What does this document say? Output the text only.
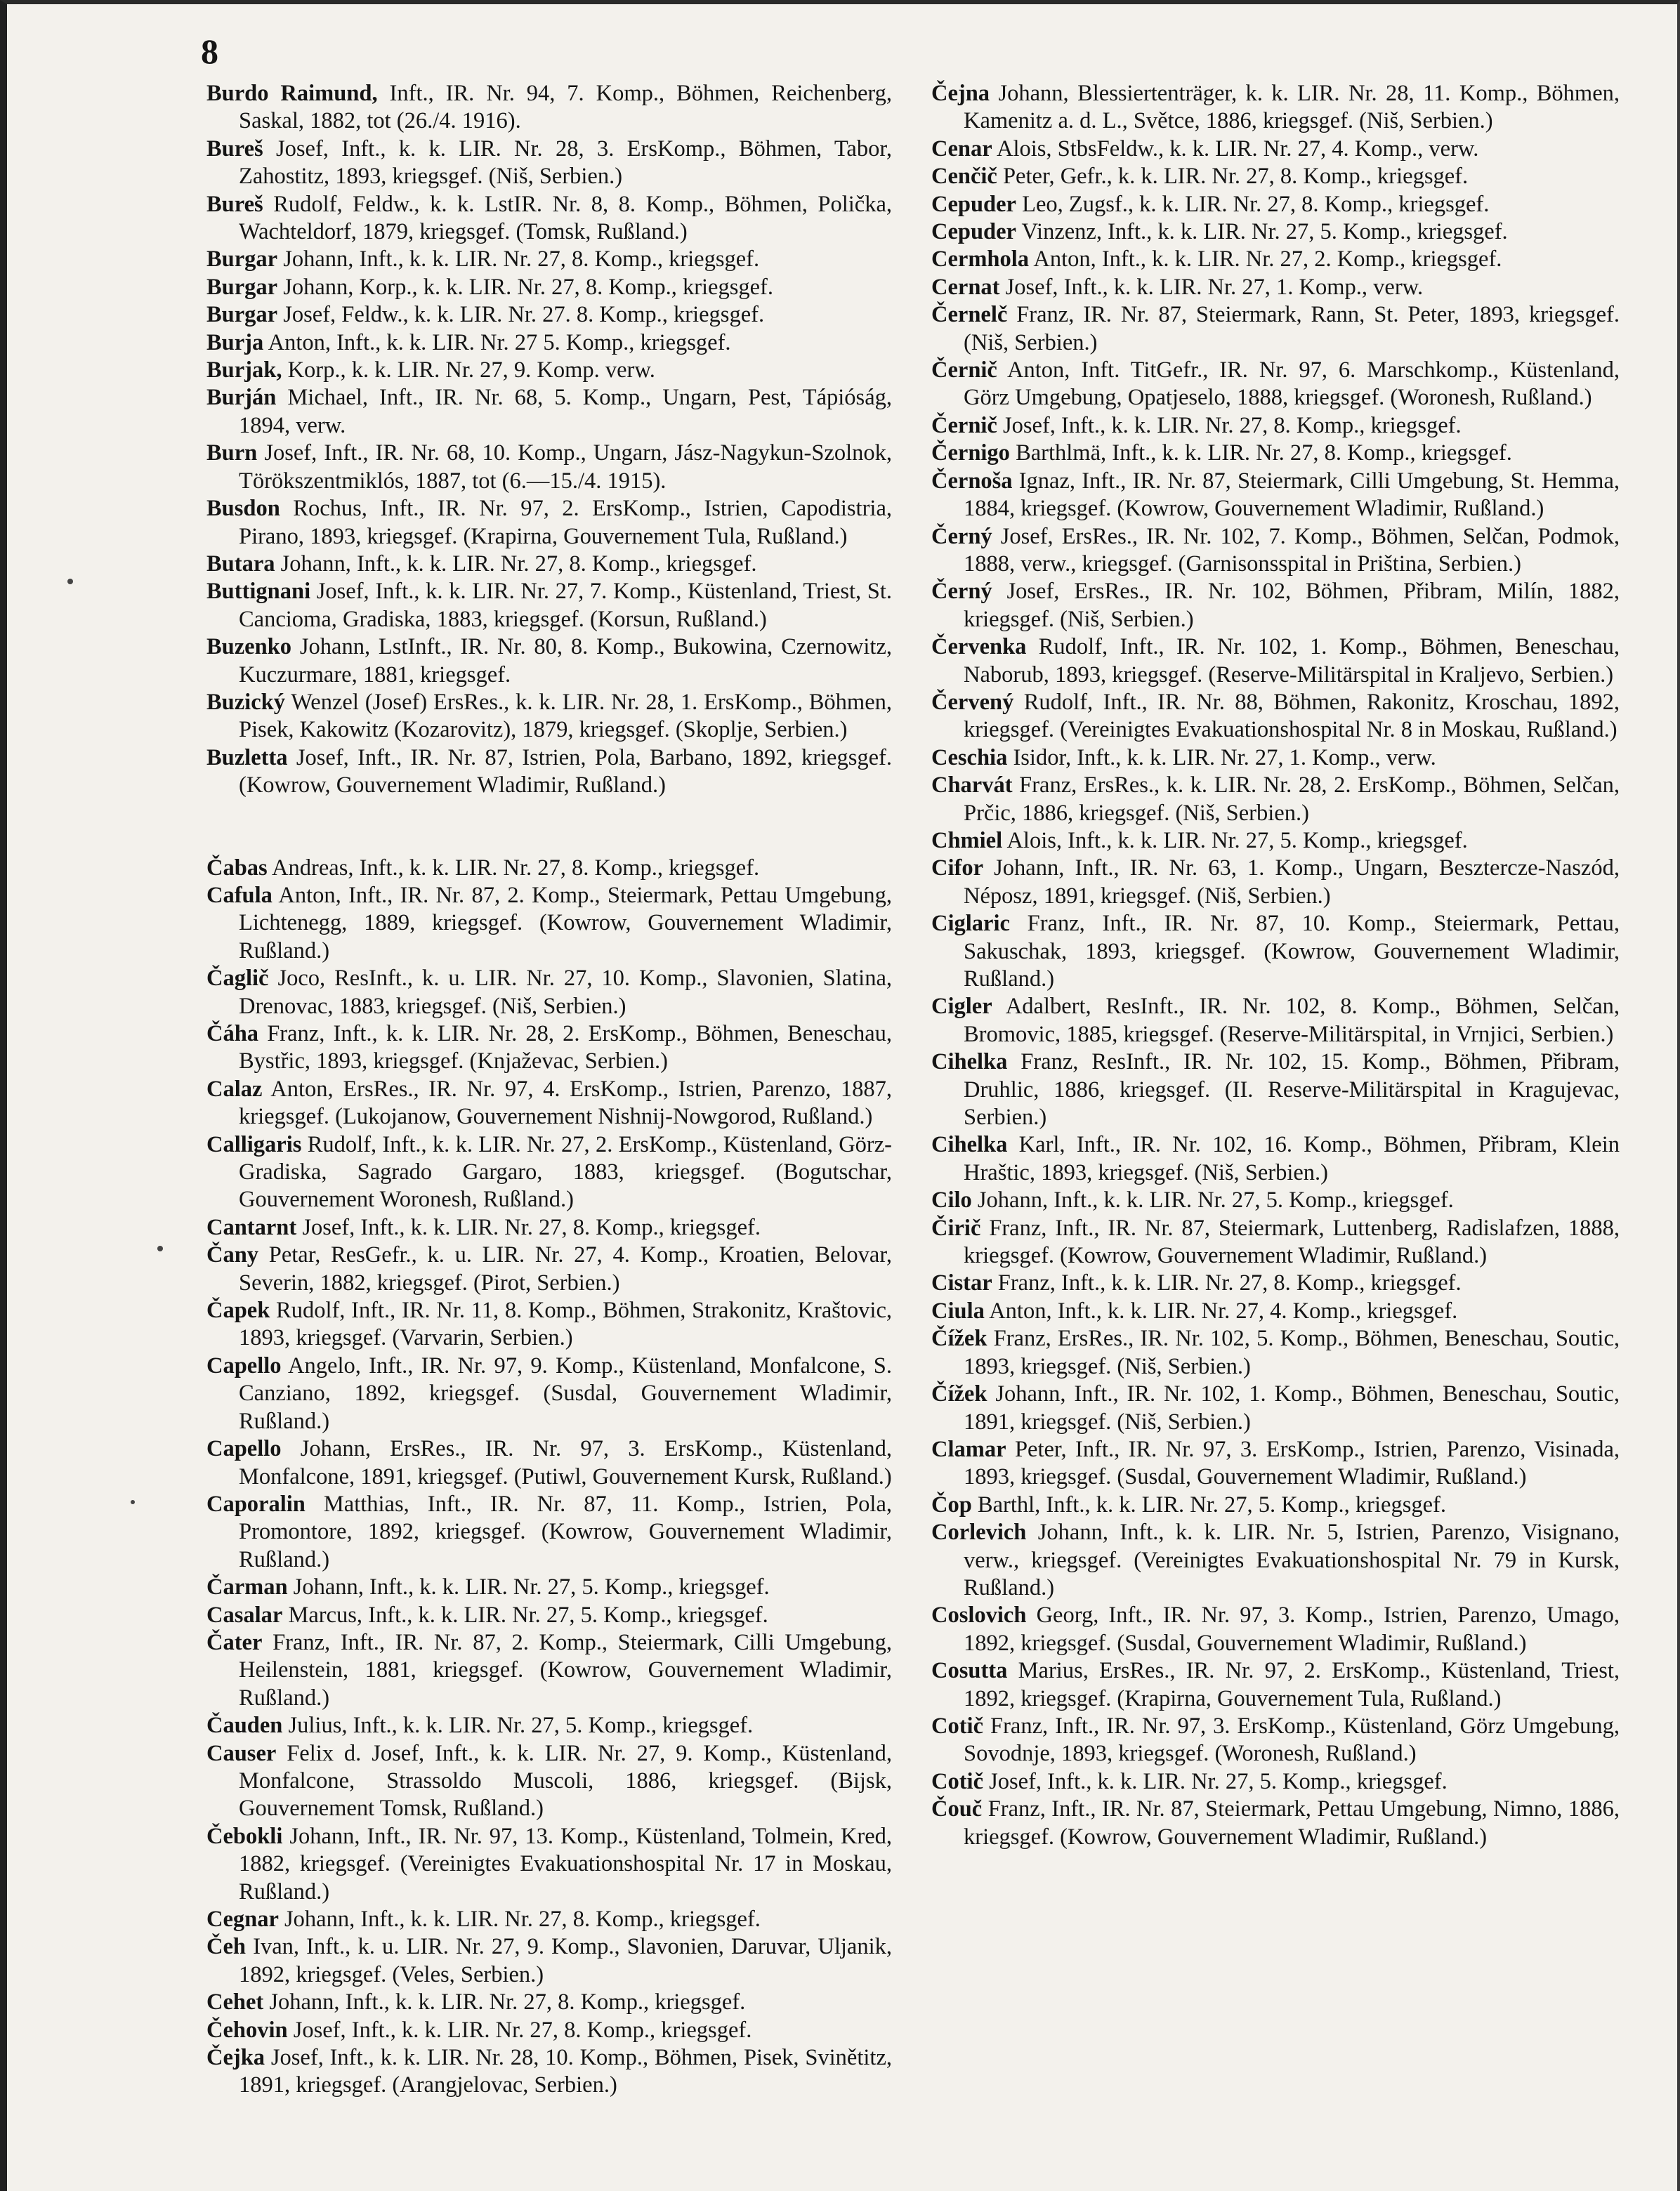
8

Burdo Raimund, Inft., IR. Nr. 94, 7. Komp., Böhmen, Reichenberg, Saskal, 1882, tot (26./4. 1916).

Bureš Josef, Inft., k. k. LIR. Nr. 28, 3. ErsKomp., Böhmen, Tabor, Zahostitz, 1893, kriegsgef. (Niš, Serbien.)

Bureš Rudolf, Feldw., k. k. LstIR. Nr. 8, 8. Komp., Böhmen, Polička, Wachteldorf, 1879, kriegsgef. (Tomsk, Rußland.)

Burgar Johann, Inft., k. k. LIR. Nr. 27, 8. Komp., kriegsgef.

Burgar Johann, Korp., k. k. LIR. Nr. 27, 8. Komp., kriegsgef.

Burgar Josef, Feldw., k. k. LIR. Nr. 27. 8. Komp., kriegsgef.

Burja Anton, Inft., k. k. LIR. Nr. 27 5. Komp., kriegsgef.

Burjak, Korp., k. k. LIR. Nr. 27, 9. Komp. verw.

Burján Michael, Inft., IR. Nr. 68, 5. Komp., Ungarn, Pest, Tápióság, 1894, verw.

Burn Josef, Inft., IR. Nr. 68, 10. Komp., Ungarn, Jász-Nagykun-Szolnok, Törökszentmiklós, 1887, tot (6.—15./4. 1915).

Busdon Rochus, Inft., IR. Nr. 97, 2. ErsKomp., Istrien, Capodistria, Pirano, 1893, kriegsgef. (Krapirna, Gouvernement Tula, Rußland.)

Butara Johann, Inft., k. k. LIR. Nr. 27, 8. Komp., kriegsgef.

Buttignani Josef, Inft., k. k. LIR. Nr. 27, 7. Komp., Küstenland, Triest, St. Cancioma, Gradiska, 1883, kriegsgef. (Korsun, Rußland.)

Buzenko Johann, LstInft., IR. Nr. 80, 8. Komp., Bukowina, Czernowitz, Kuczurmare, 1881, kriegsgef.

Buzický Wenzel (Josef) ErsRes., k. k. LIR. Nr. 28, 1. ErsKomp., Böhmen, Pisek, Kakowitz (Kozarovitz), 1879, kriegsgef. (Skoplje, Serbien.)

Buzletta Josef, Inft., IR. Nr. 87, Istrien, Pola, Barbano, 1892, kriegsgef. (Kowrow, Gouvernement Wladimir, Rußland.)

Čabas Andreas, Inft., k. k. LIR. Nr. 27, 8. Komp., kriegsgef.

Cafula Anton, Inft., IR. Nr. 87, 2. Komp., Steiermark, Pettau Umgebung, Lichtenegg, 1889, kriegsgef. (Kowrow, Gouvernement Wladimir, Rußland.)

Čaglič Joco, ResInft., k. u. LIR. Nr. 27, 10. Komp., Slavonien, Slatina, Drenovac, 1883, kriegsgef. (Niš, Serbien.)

Čáha Franz, Inft., k. k. LIR. Nr. 28, 2. ErsKomp., Böhmen, Beneschau, Bystřic, 1893, kriegsgef. (Knjaževac, Serbien.)

Calaz Anton, ErsRes., IR. Nr. 97, 4. ErsKomp., Istrien, Parenzo, 1887, kriegsgef. (Lukojanow, Gouvernement Nishnij-Nowgorod, Rußland.)

Calligaris Rudolf, Inft., k. k. LIR. Nr. 27, 2. ErsKomp., Küstenland, Görz-Gradiska, Sagrado Gargaro, 1883, kriegsgef. (Bogutschar, Gouvernement Woronesh, Rußland.)

Cantarnt Josef, Inft., k. k. LIR. Nr. 27, 8. Komp., kriegsgef.

Čany Petar, ResGefr., k. u. LIR. Nr. 27, 4. Komp., Kroatien, Belovar, Severin, 1882, kriegsgef. (Pirot, Serbien.)

Čapek Rudolf, Inft., IR. Nr. 11, 8. Komp., Böhmen, Strakonitz, Kraštovic, 1893, kriegsgef. (Varvarin, Serbien.)

Capello Angelo, Inft., IR. Nr. 97, 9. Komp., Küstenland, Monfalcone, S. Canziano, 1892, kriegsgef. (Susdal, Gouvernement Wladimir, Rußland.)

Capello Johann, ErsRes., IR. Nr. 97, 3. ErsKomp., Küstenland, Monfalcone, 1891, kriegsgef. (Putiwl, Gouvernement Kursk, Rußland.)

Caporalin Matthias, Inft., IR. Nr. 87, 11. Komp., Istrien, Pola, Promontore, 1892, kriegsgef. (Kowrow, Gouvernement Wladimir, Rußland.)

Čarman Johann, Inft., k. k. LIR. Nr. 27, 5. Komp., kriegsgef.

Casalar Marcus, Inft., k. k. LIR. Nr. 27, 5. Komp., kriegsgef.

Čater Franz, Inft., IR. Nr. 87, 2. Komp., Steiermark, Cilli Umgebung, Heilenstein, 1881, kriegsgef. (Kowrow, Gouvernement Wladimir, Rußland.)

Čauden Julius, Inft., k. k. LIR. Nr. 27, 5. Komp., kriegsgef.

Causer Felix d. Josef, Inft., k. k. LIR. Nr. 27, 9. Komp., Küstenland, Monfalcone, Strassoldo Muscoli, 1886, kriegsgef. (Bijsk, Gouvernement Tomsk, Rußland.)

Čebokli Johann, Inft., IR. Nr. 97, 13. Komp., Küstenland, Tolmein, Kred, 1882, kriegsgef. (Vereinigtes Evakuationshospital Nr. 17 in Moskau, Rußland.)

Cegnar Johann, Inft., k. k. LIR. Nr. 27, 8. Komp., kriegsgef.

Čeh Ivan, Inft., k. u. LIR. Nr. 27, 9. Komp., Slavonien, Daruvar, Uljanik, 1892, kriegsgef. (Veles, Serbien.)

Cehet Johann, Inft., k. k. LIR. Nr. 27, 8. Komp., kriegsgef.

Čehovin Josef, Inft., k. k. LIR. Nr. 27, 8. Komp., kriegsgef.

Čejka Josef, Inft., k. k. LIR. Nr. 28, 10. Komp., Böhmen, Pisek, Svinětitz, 1891, kriegsgef. (Arangjelovac, Serbien.)

Čejna Johann, Blessiertenträger, k. k. LIR. Nr. 28, 11. Komp., Böhmen, Kamenitz a. d. L., Světce, 1886, kriegsgef. (Niš, Serbien.)

Cenar Alois, StbsFeldw., k. k. LIR. Nr. 27, 4. Komp., verw.

Cenčič Peter, Gefr., k. k. LIR. Nr. 27, 8. Komp., kriegsgef.

Cepuder Leo, Zugsf., k. k. LIR. Nr. 27, 8. Komp., kriegsgef.

Cepuder Vinzenz, Inft., k. k. LIR. Nr. 27, 5. Komp., kriegsgef.

Cermhola Anton, Inft., k. k. LIR. Nr. 27, 2. Komp., kriegsgef.

Cernat Josef, Inft., k. k. LIR. Nr. 27, 1. Komp., verw.

Černelč Franz, IR. Nr. 87, Steiermark, Rann, St. Peter, 1893, kriegsgef. (Niš, Serbien.)

Černič Anton, Inft. TitGefr., IR. Nr. 97, 6. Marschkomp., Küstenland, Görz Umgebung, Opatjeselo, 1888, kriegsgef. (Woronesh, Rußland.)

Černič Josef, Inft., k. k. LIR. Nr. 27, 8. Komp., kriegsgef.

Černigo Barthlmä, Inft., k. k. LIR. Nr. 27, 8. Komp., kriegsgef.

Černoša Ignaz, Inft., IR. Nr. 87, Steiermark, Cilli Umgebung, St. Hemma, 1884, kriegsgef. (Kowrow, Gouvernement Wladimir, Rußland.)

Černý Josef, ErsRes., IR. Nr. 102, 7. Komp., Böhmen, Selčan, Podmok, 1888, verw., kriegsgef. (Garnisonsspital in Priština, Serbien.)

Černý Josef, ErsRes., IR. Nr. 102, Böhmen, Přibram, Milín, 1882, kriegsgef. (Niš, Serbien.)

Červenka Rudolf, Inft., IR. Nr. 102, 1. Komp., Böhmen, Beneschau, Naborub, 1893, kriegsgef. (Reserve-Militärspital in Kraljevo, Serbien.)

Červený Rudolf, Inft., IR. Nr. 88, Böhmen, Rakonitz, Kroschau, 1892, kriegsgef. (Vereinigtes Evakuationshospital Nr. 8 in Moskau, Rußland.)

Ceschia Isidor, Inft., k. k. LIR. Nr. 27, 1. Komp., verw.

Charvát Franz, ErsRes., k. k. LIR. Nr. 28, 2. ErsKomp., Böhmen, Selčan, Prčic, 1886, kriegsgef. (Niš, Serbien.)

Chmiel Alois, Inft., k. k. LIR. Nr. 27, 5. Komp., kriegsgef.

Cifor Johann, Inft., IR. Nr. 63, 1. Komp., Ungarn, Beszterczе-Naszód, Néposz, 1891, kriegsgef. (Niš, Serbien.)

Ciglaric Franz, Inft., IR. Nr. 87, 10. Komp., Steiermark, Pettau, Sakuschak, 1893, kriegsgef. (Kowrow, Gouvernement Wladimir, Rußland.)

Cigler Adalbert, ResInft., IR. Nr. 102, 8. Komp., Böhmen, Selčan, Bromovic, 1885, kriegsgef. (Reserve-Militärspital, in Vrnjici, Serbien.)

Cihelka Franz, ResInft., IR. Nr. 102, 15. Komp., Böhmen, Přibram, Druhlic, 1886, kriegsgef. (II. Reserve-Militärspital in Kragujevac, Serbien.)

Cihelka Karl, Inft., IR. Nr. 102, 16. Komp., Böhmen, Přibram, Klein Hraštic, 1893, kriegsgef. (Niš, Serbien.)

Cilo Johann, Inft., k. k. LIR. Nr. 27, 5. Komp., kriegsgef.

Čirič Franz, Inft., IR. Nr. 87, Steiermark, Luttenberg, Radislafzen, 1888, kriegsgef. (Kowrow, Gouvernement Wladimir, Rußland.)

Cistar Franz, Inft., k. k. LIR. Nr. 27, 8. Komp., kriegsgef.

Ciula Anton, Inft., k. k. LIR. Nr. 27, 4. Komp., kriegsgef.

Čížek Franz, ErsRes., IR. Nr. 102, 5. Komp., Böhmen, Beneschau, Soutic, 1893, kriegsgef. (Niš, Serbien.)

Čížek Johann, Inft., IR. Nr. 102, 1. Komp., Böhmen, Beneschau, Soutic, 1891, kriegsgef. (Niš, Serbien.)

Clamar Peter, Inft., IR. Nr. 97, 3. ErsKomp., Istrien, Parenzo, Visinada, 1893, kriegsgef. (Susdal, Gouvernement Wladimir, Rußland.)

Čop Barthl, Inft., k. k. LIR. Nr. 27, 5. Komp., kriegsgef.

Corlevich Johann, Inft., k. k. LIR. Nr. 5, Istrien, Parenzo, Visignano, verw., kriegsgef. (Vereinigtes Evakuationshospital Nr. 79 in Kursk, Rußland.)

Coslovich Georg, Inft., IR. Nr. 97, 3. Komp., Istrien, Parenzo, Umago, 1892, kriegsgef. (Susdal, Gouvernement Wladimir, Rußland.)

Cosutta Marius, ErsRes., IR. Nr. 97, 2. ErsKomp., Küstenland, Triest, 1892, kriegsgef. (Krapirna, Gouvernement Tula, Rußland.)

Cotič Franz, Inft., IR. Nr. 97, 3. ErsKomp., Küstenland, Görz Umgebung, Sovodnje, 1893, kriegsgef. (Woronesh, Rußland.)

Cotič Josef, Inft., k. k. LIR. Nr. 27, 5. Komp., kriegsgef.

Čouč Franz, Inft., IR. Nr. 87, Steiermark, Pettau Umgebung, Nimno, 1886, kriegsgef. (Kowrow, Gouvernement Wladimir, Rußland.)
